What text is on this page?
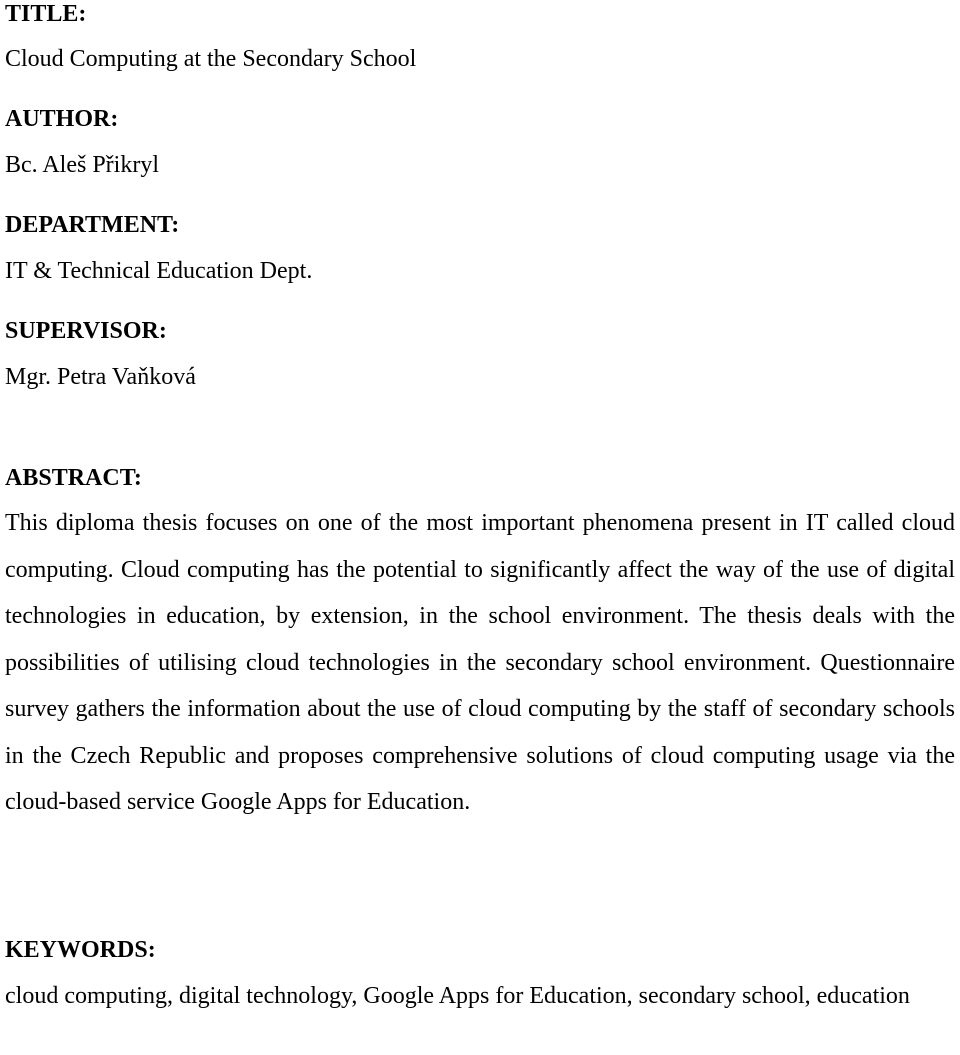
TITLE:

Cloud Computing at the Secondary School

AUTHOR:

Bc. Aleš Přikryl

DEPARTMENT:

IT & Technical Education Dept.

SUPERVISOR:

Mgr. Petra Vaňková

ABSTRACT:

This diploma thesis focuses on one of the most important phenomena present in IT called cloud computing. Cloud computing has the potential to significantly affect the way of the use of digital technologies in education, by extension, in the school environment. The thesis deals with the possibilities of utilising cloud technologies in the secondary school environment. Questionnaire survey gathers the information about the use of cloud computing by the staff of secondary schools in the Czech Republic and proposes comprehensive solutions of cloud computing usage via the cloud-based service Google Apps for Education.

KEYWORDS:

cloud computing, digital technology, Google Apps for Education, secondary school, education
